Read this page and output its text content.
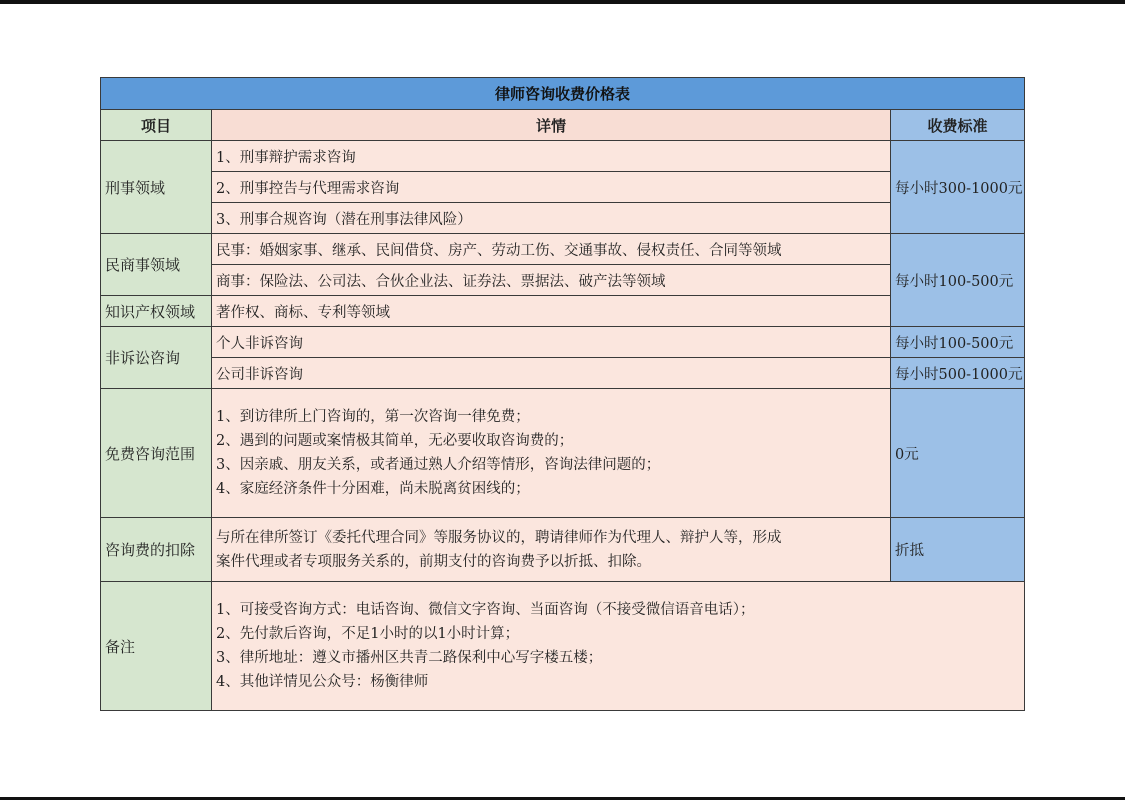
律师咨询收费价格表		
项目	详情	收费标准
刑事领域	1、刑事辩护需求咨询	每小时300-1000元
	2、刑事控告与代理需求咨询	
	3、刑事合规咨询（潜在刑事法律风险）	
民商事领域	民事：婚姻家事、继承、民间借贷、房产、劳动工伤、交通事故、侵权责任、合同等领域	每小时100-500元
	商事：保险法、公司法、合伙企业法、证券法、票据法、破产法等领域	
知识产权领域	著作权、商标、专利等领域	
非诉讼咨询	个人非诉咨询	每小时100-500元
	公司非诉咨询	每小时500-1000元
免费咨询范围	1、到访律所上门咨询的，第一次咨询一律免费；
2、遇到的问题或案情极其简单，无必要收取咨询费的；
3、因亲戚、朋友关系，或者通过熟人介绍等情形，咨询法律问题的；
4、家庭经济条件十分困难，尚未脱离贫困线的；	0元
咨询费的扣除	与所在律所签订《委托代理合同》等服务协议的，聘请律师作为代理人、辩护人等，形成
案件代理或者专项服务关系的，前期支付的咨询费予以折抵、扣除。	折抵
备注	1、可接受咨询方式：电话咨询、微信文字咨询、当面咨询（不接受微信语音电话）；
2、先付款后咨询，不足1小时的以1小时计算；
3、律所地址：遵义市播州区共青二路保利中心写字楼五楼；
4、其他详情见公众号：杨衡律师	
